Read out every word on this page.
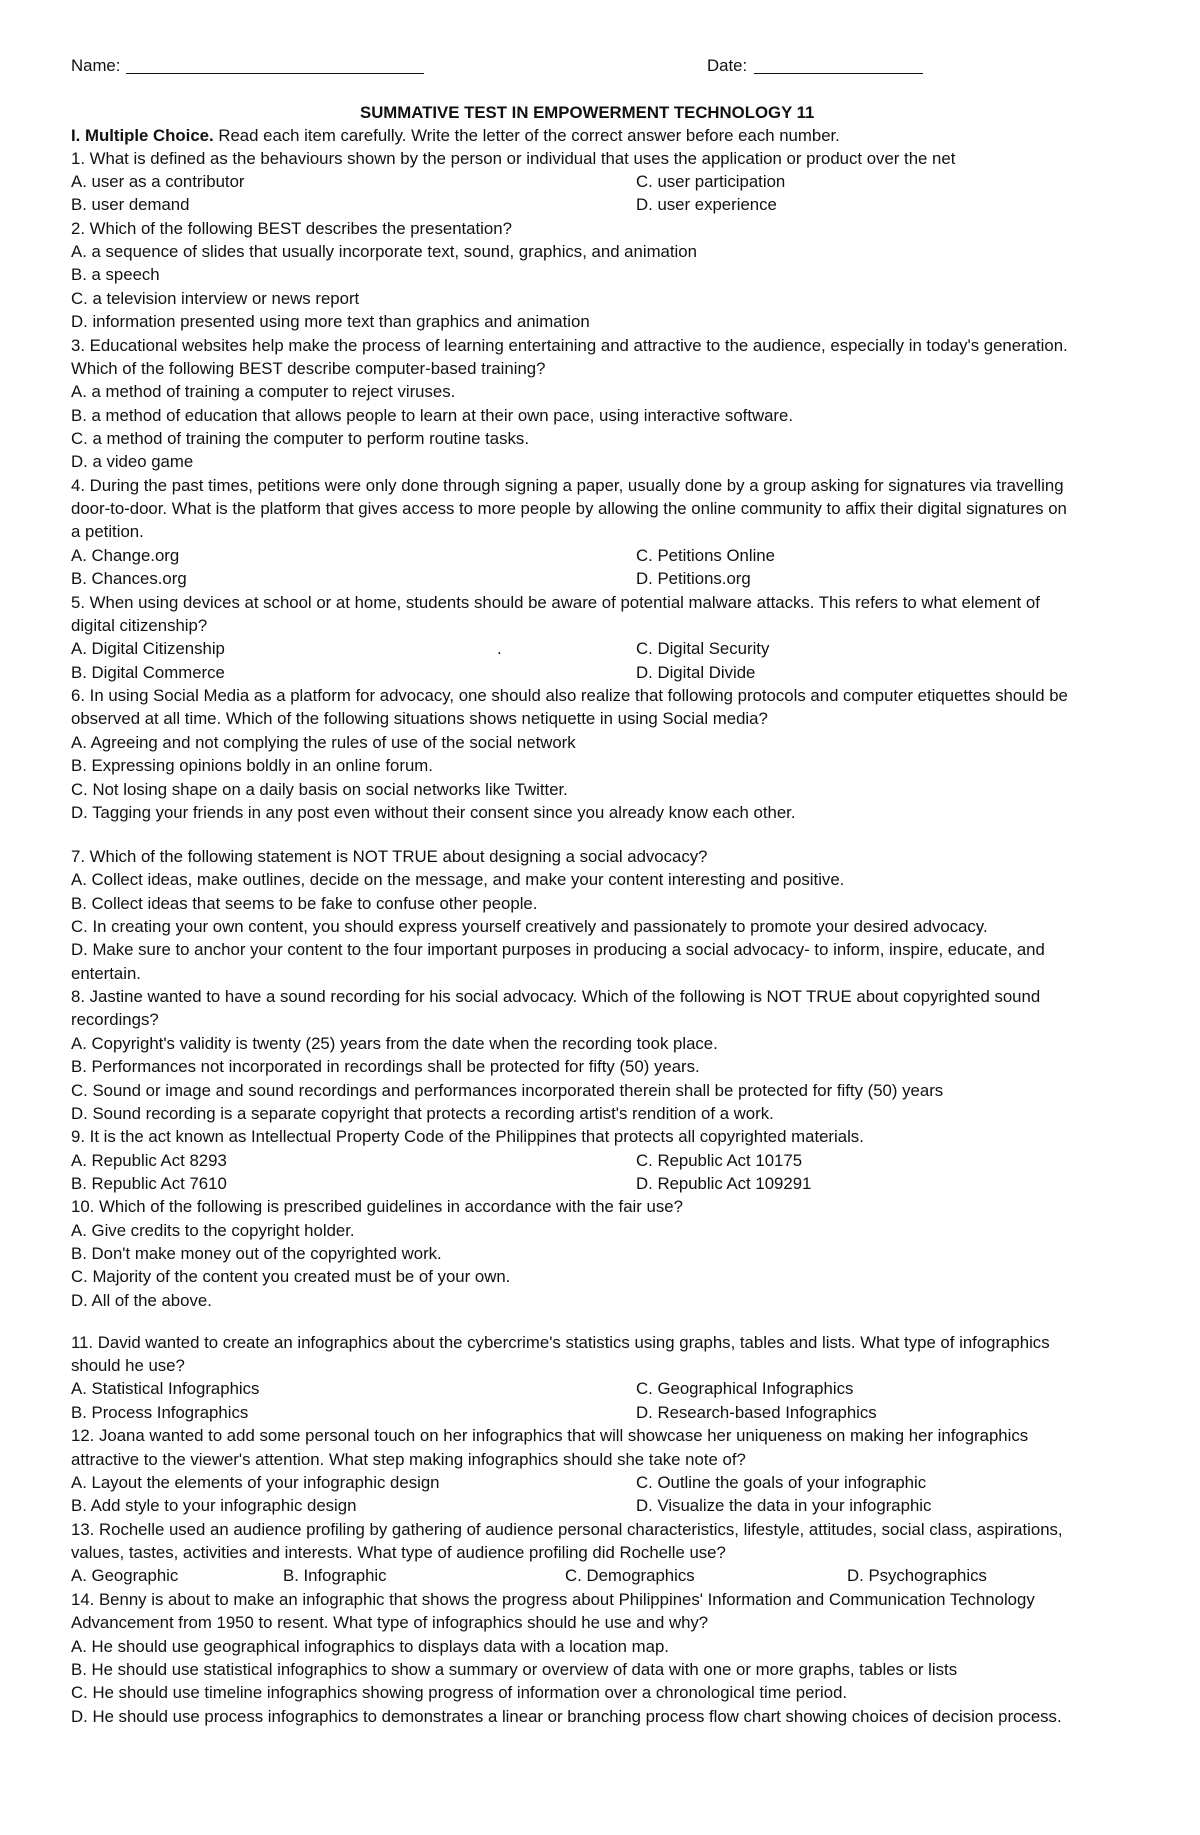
Name:	Date:
SUMMATIVE TEST IN EMPOWERMENT TECHNOLOGY 11
I. Multiple Choice. Read each item carefully. Write the letter of the correct answer before each number.
1. What is defined as the behaviours shown by the person or individual that uses the application or product over the net
A. user as a contributor	C. user participation
B. user demand	D. user experience
2. Which of the following BEST describes the presentation?
A. a sequence of slides that usually incorporate text, sound, graphics, and animation
B. a speech
C. a television interview or news report
D. information presented using more text than graphics and animation
3. Educational websites help make the process of learning entertaining and attractive to the audience, especially in today's generation.
Which of the following BEST describe computer-based training?
A. a method of training a computer to reject viruses.
B. a method of education that allows people to learn at their own pace, using interactive software.
C. a method of training the computer to perform routine tasks.
D. a video game
4. During the past times, petitions were only done through signing a paper, usually done by a group asking for signatures via travelling
door-to-door. What is the platform that gives access to more people by allowing the online community to affix their digital signatures on
a petition.
A. Change.org	C. Petitions Online
B. Chances.org	D. Petitions.org
5. When using devices at school or at home, students should be aware of potential malware attacks. This refers to what element of
digital citizenship?
A. Digital Citizenship	.	C. Digital Security
B. Digital Commerce	D. Digital Divide
6. In using Social Media as a platform for advocacy, one should also realize that following protocols and computer etiquettes should be
observed at all time. Which of the following situations shows netiquette in using Social media?
A. Agreeing and not complying the rules of use of the social network
B. Expressing opinions boldly in an online forum.
C. Not losing shape on a daily basis on social networks like Twitter.
D. Tagging your friends in any post even without their consent since you already know each other.
7. Which of the following statement is NOT TRUE about designing a social advocacy?
A. Collect ideas, make outlines, decide on the message, and make your content interesting and positive.
B. Collect ideas that seems to be fake to confuse other people.
C. In creating your own content, you should express yourself creatively and passionately to promote your desired advocacy.
D. Make sure to anchor your content to the four important purposes in producing a social advocacy- to inform, inspire, educate, and
entertain.
8. Jastine wanted to have a sound recording for his social advocacy. Which of the following is NOT TRUE about copyrighted sound
recordings?
A. Copyright's validity is twenty (25) years from the date when the recording took place.
B. Performances not incorporated in recordings shall be protected for fifty (50) years.
C. Sound or image and sound recordings and performances incorporated therein shall be protected for fifty (50) years
D. Sound recording is a separate copyright that protects a recording artist's rendition of a work.
9. It is the act known as Intellectual Property Code of the Philippines that protects all copyrighted materials.
A. Republic Act 8293	C. Republic Act 10175
B. Republic Act 7610	D. Republic Act 109291
10. Which of the following is prescribed guidelines in accordance with the fair use?
A. Give credits to the copyright holder.
B. Don't make money out of the copyrighted work.
C. Majority of the content you created must be of your own.
D. All of the above.
11. David wanted to create an infographics about the cybercrime's statistics using graphs, tables and lists. What type of infographics
should he use?
A. Statistical Infographics	C. Geographical Infographics
B. Process Infographics	D. Research-based Infographics
12. Joana wanted to add some personal touch on her infographics that will showcase her uniqueness on making her infographics
attractive to the viewer's attention. What step making infographics should she take note of?
A. Layout the elements of your infographic design	C. Outline the goals of your infographic
B. Add style to your infographic design	D. Visualize the data in your infographic
13. Rochelle used an audience profiling by gathering of audience personal characteristics, lifestyle, attitudes, social class, aspirations,
values, tastes, activities and interests. What type of audience profiling did Rochelle use?
A. Geographic	B. Infographic	C. Demographics	D. Psychographics
14. Benny is about to make an infographic that shows the progress about Philippines' Information and Communication Technology
Advancement from 1950 to resent. What type of infographics should he use and why?
A. He should use geographical infographics to displays data with a location map.
B. He should use statistical infographics to show a summary or overview of data with one or more graphs, tables or lists
C. He should use timeline infographics showing progress of information over a chronological time period.
D. He should use process infographics to demonstrates a linear or branching process flow chart showing choices of decision process.
